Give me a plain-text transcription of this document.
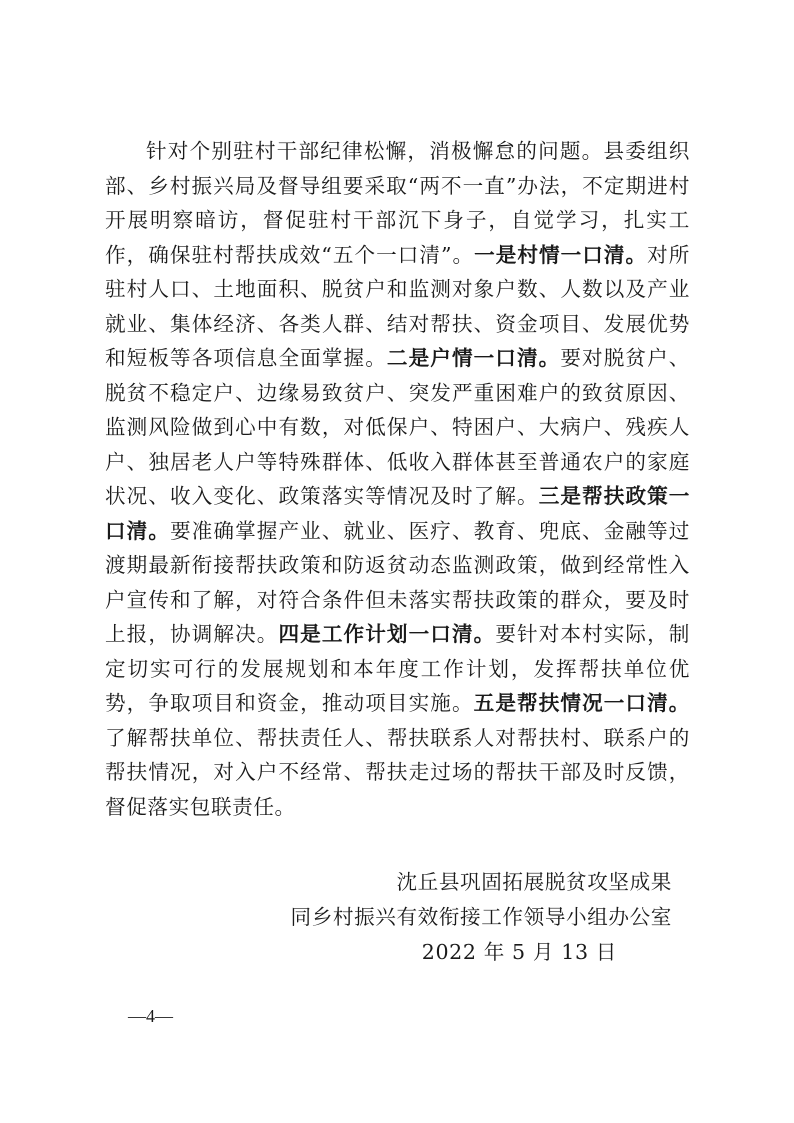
针对个别驻村干部纪律松懈，消极懈怠的问题。县委组织部、乡村振兴局及督导组要采取“两不一直”办法，不定期进村开展明察暗访，督促驻村干部沉下身子，自觉学习，扎实工作，确保驻村帮扶成效“五个一口清”。一是村情一口清。对所驻村人口、土地面积、脱贫户和监测对象户数、人数以及产业就业、集体经济、各类人群、结对帮扶、资金项目、发展优势和短板等各项信息全面掌握。二是户情一口清。要对脱贫户、脱贫不稳定户、边缘易致贫户、突发严重困难户的致贫原因、监测风险做到心中有数，对低保户、特困户、大病户、残疾人户、独居老人户等特殊群体、低收入群体甚至普通农户的家庭状况、收入变化、政策落实等情况及时了解。三是帮扶政策一口清。要准确掌握产业、就业、医疗、教育、兜底、金融等过渡期最新衔接帮扶政策和防返贫动态监测政策，做到经常性入户宣传和了解，对符合条件但未落实帮扶政策的群众，要及时上报，协调解决。四是工作计划一口清。要针对本村实际，制定切实可行的发展规划和本年度工作计划，发挥帮扶单位优势，争取项目和资金，推动项目实施。五是帮扶情况一口清。了解帮扶单位、帮扶责任人、帮扶联系人对帮扶村、联系户的帮扶情况，对入户不经常、帮扶走过场的帮扶干部及时反馈，督促落实包联责任。

沈丘县巩固拓展脱贫攻坚成果
同乡村振兴有效衔接工作领导小组办公室
2022 年 5 月 13 日
—4—
